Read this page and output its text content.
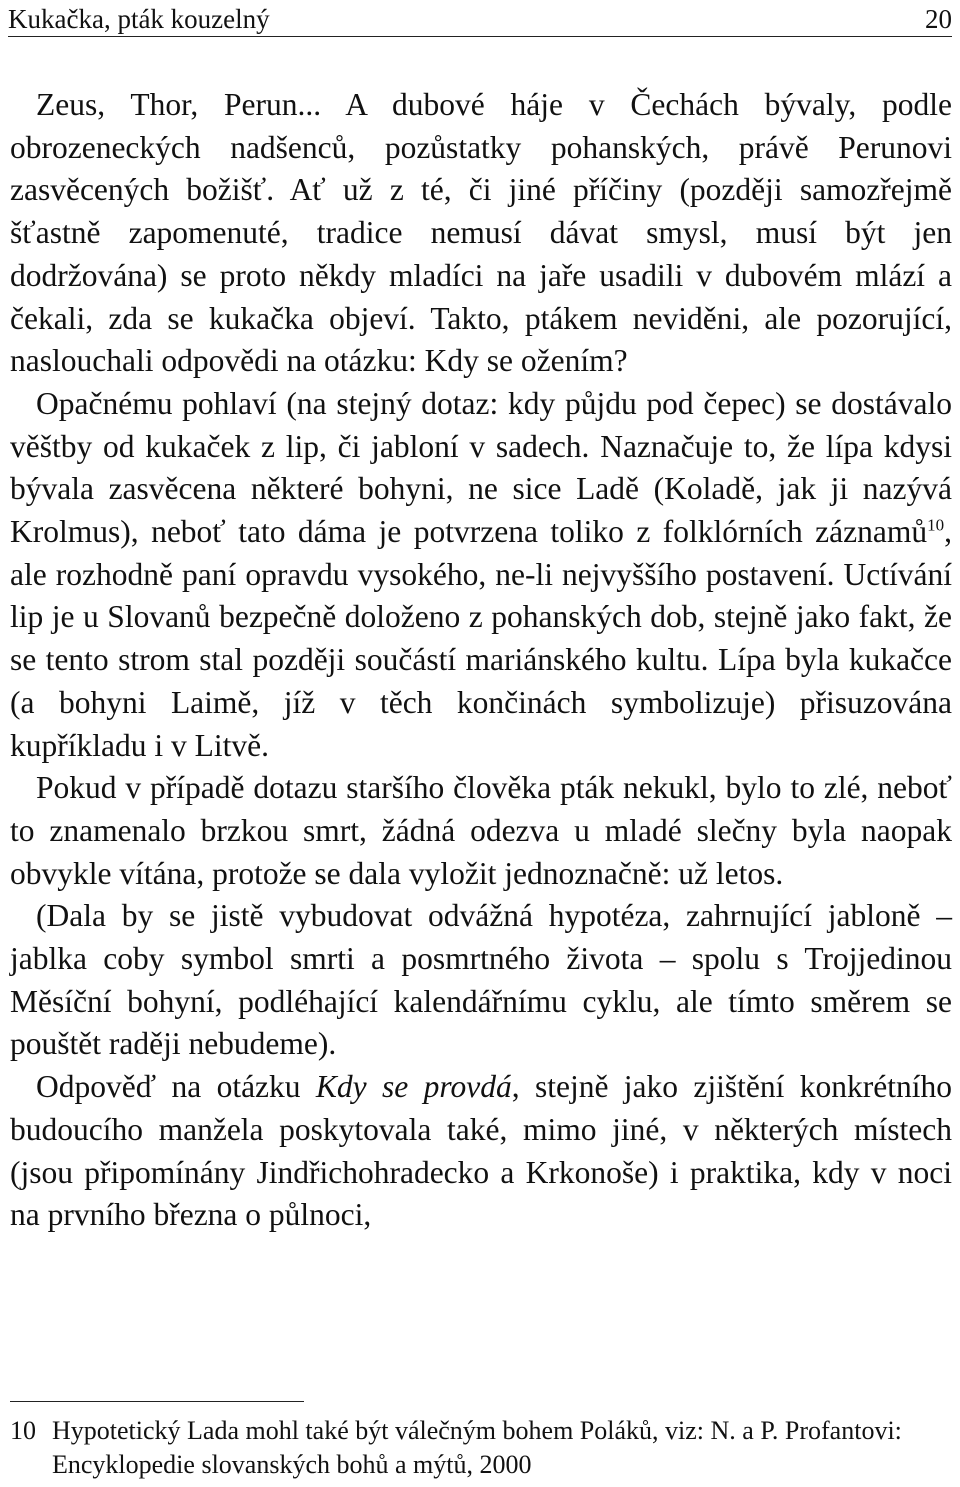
Kukačka, pták kouzelný	20

Zeus, Thor, Perun... A dubové háje v Čechách bývaly, podle obrozeneckých nadšenců, pozůstatky pohanských, právě Perunovi zasvěcených božišť. Ať už z té, či jiné příčiny (později samozřejmě šťastně zapomenuté, tradice nemusí dávat smysl, musí být jen dodržována) se proto někdy mladíci na jaře usadili v dubovém mlází a čekali, zda se kukačka objeví. Takto, ptákem neviděni, ale pozorující, naslouchali odpovědi na otázku: Kdy se ožením?

Opačnému pohlaví (na stejný dotaz: kdy půjdu pod čepec) se dostávalo věštby od kukaček z lip, či jabloní v sadech. Naznačuje to, že lípa kdysi bývala zasvěcena některé bohyni, ne sice Ladě (Koladě, jak ji nazývá Krolmus), neboť tato dáma je potvrzena toliko z folklórních záznamů$^{10}$, ale rozhodně paní opravdu vysokého, ne-li nejvyššího postavení. Uctívání lip je u Slovanů bezpečně doloženo z pohanských dob, stejně jako fakt, že se tento strom stal později součástí mariánského kultu. Lípa byla kukačce (a bohyni Laimě, jíž v těch končinách symbolizuje) přisuzována kupříkladu i v Litvě.

Pokud v případě dotazu staršího člověka pták nekukl, bylo to zlé, neboť to znamenalo brzkou smrt, žádná odezva u mladé slečny byla naopak obvykle vítána, protože se dala vyložit jednoznačně: už letos.

(Dala by se jistě vybudovat odvážná hypotéza, zahrnující jabloně – jablka coby symbol smrti a posmrtného života – spolu s Trojjedinou Měsíční bohyní, podléhající kalendářnímu cyklu, ale tímto směrem se pouštět raději nebudeme).

Odpověď na otázku Kdy se provdá, stejně jako zjištění konkrétního budoucího manžela poskytovala také, mimo jiné, v některých místech (jsou připomínány Jindřichohradecko a Krkonoše) i praktika, kdy v noci na prvního března o půlnoci,

10 Hypotetický Lada mohl také být válečným bohem Poláků, viz: N. a P. Profantovi: Encyklopedie slovanských bohů a mýtů, 2000
